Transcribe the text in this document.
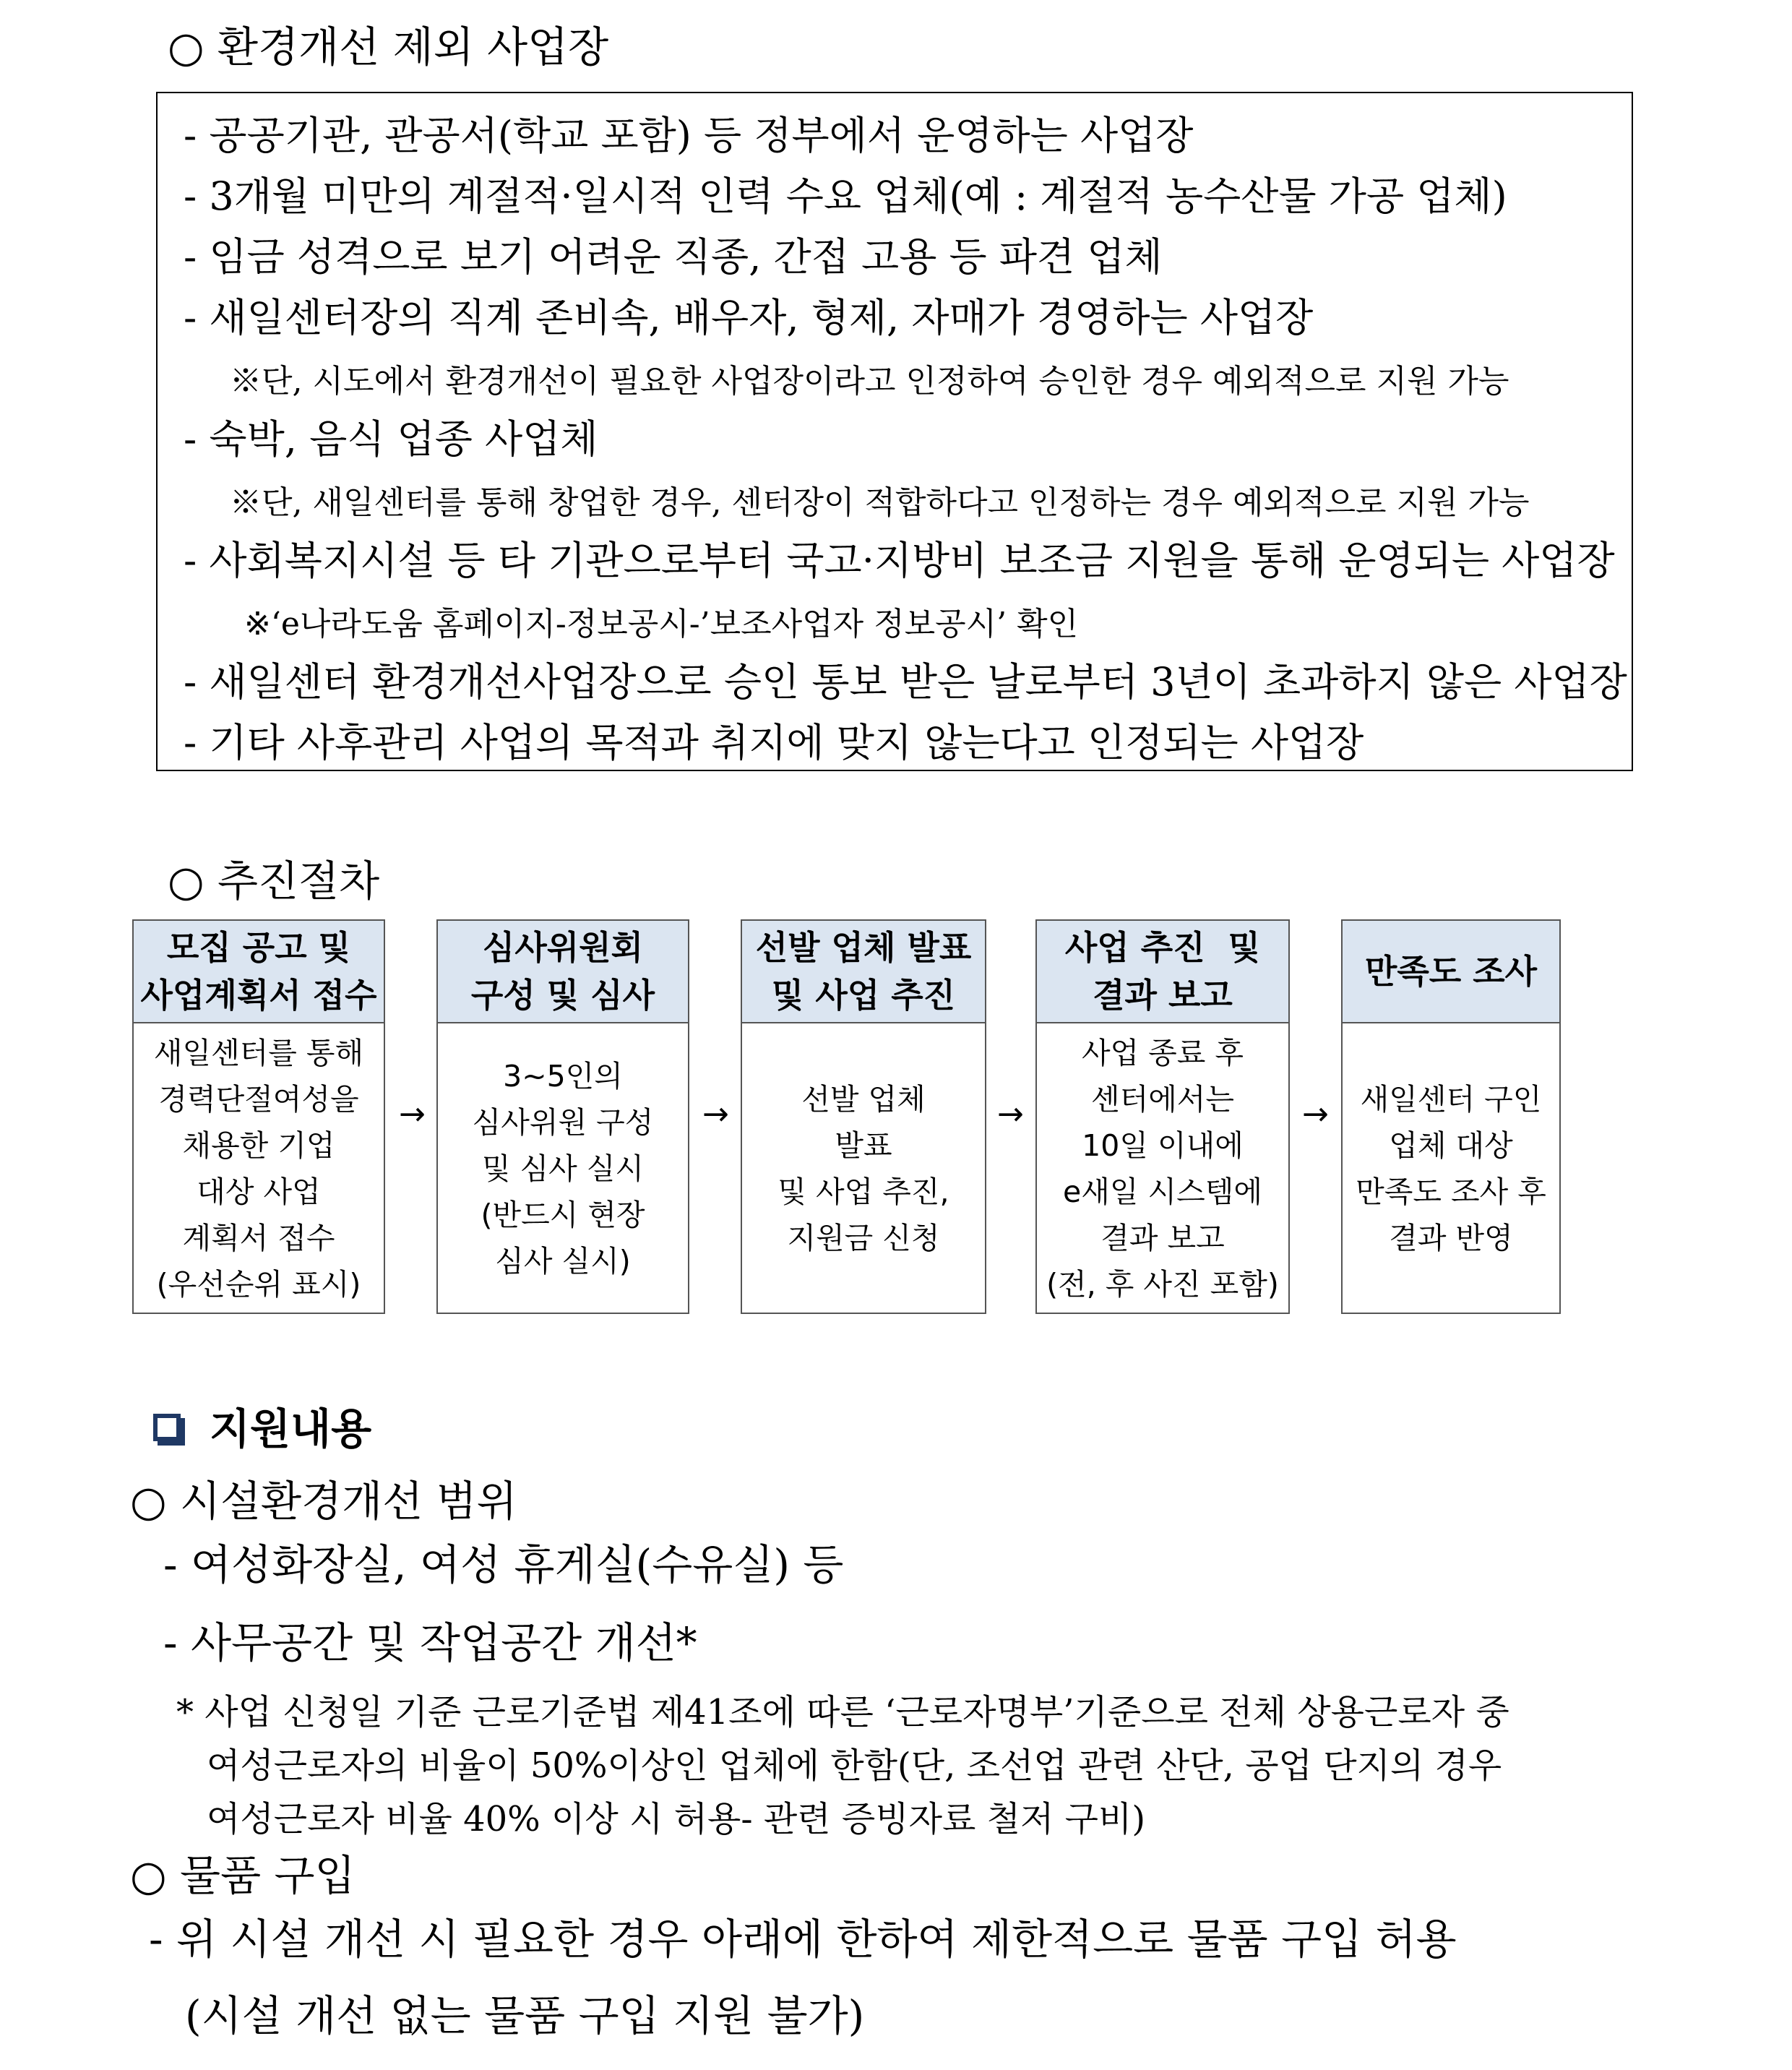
○ 환경개선 제외 사업장
- 공공기관, 관공서(학교 포함) 등 정부에서 운영하는 사업장
- 3개월 미만의 계절적·일시적 인력 수요 업체(예 : 계절적 농수산물 가공 업체)
- 임금 성격으로 보기 어려운 직종, 간접 고용 등 파견 업체
- 새일센터장의 직계 존비속, 배우자, 형제, 자매가 경영하는 사업장
※단, 시도에서 환경개선이 필요한 사업장이라고 인정하여 승인한 경우 예외적으로 지원 가능
- 숙박, 음식 업종 사업체
※단, 새일센터를 통해 창업한 경우, 센터장이 적합하다고 인정하는 경우 예외적으로 지원 가능
- 사회복지시설 등 타 기관으로부터 국고·지방비 보조금 지원을 통해 운영되는 사업장
※‘e나라도움 홈페이지-정보공시-’보조사업자 정보공시’ 확인
- 새일센터 환경개선사업장으로 승인 통보 받은 날로부터 3년이 초과하지 않은 사업장
- 기타 사후관리 사업의 목적과 취지에 맞지 않는다고 인정되는 사업장
○ 추진절차
모집 공고 및
사업계획서 접수
새일센터를 통해
경력단절여성을
채용한 기업
대상 사업
계획서 접수
(우선순위 표시)
→
심사위원회
구성 및 심사
3~5인의
심사위원 구성
및 심사 실시
(반드시 현장
심사 실시)
→
선발 업체 발표
및 사업 추진
선발 업체
발표
및 사업 추진,
지원금 신청
→
사업 추진  및
결과 보고
사업 종료 후
센터에서는
10일 이내에
e새일 시스템에
결과 보고
(전, 후 사진 포함)
→
만족도 조사
새일센터 구인
업체 대상
만족도 조사 후
결과 반영
지원내용
○ 시설환경개선 범위
- 여성화장실, 여성 휴게실(수유실) 등
- 사무공간 및 작업공간 개선*
* 사업 신청일 기준 근로기준법 제41조에 따른 ‘근로자명부’기준으로 전체 상용근로자 중
여성근로자의 비율이 50%이상인 업체에 한함(단, 조선업 관련 산단, 공업 단지의 경우
여성근로자 비율 40% 이상 시 허용- 관련 증빙자료 철저 구비)
○ 물품 구입
- 위 시설 개선 시 필요한 경우 아래에 한하여 제한적으로 물품 구입 허용
(시설 개선 없는 물품 구입 지원 불가)
